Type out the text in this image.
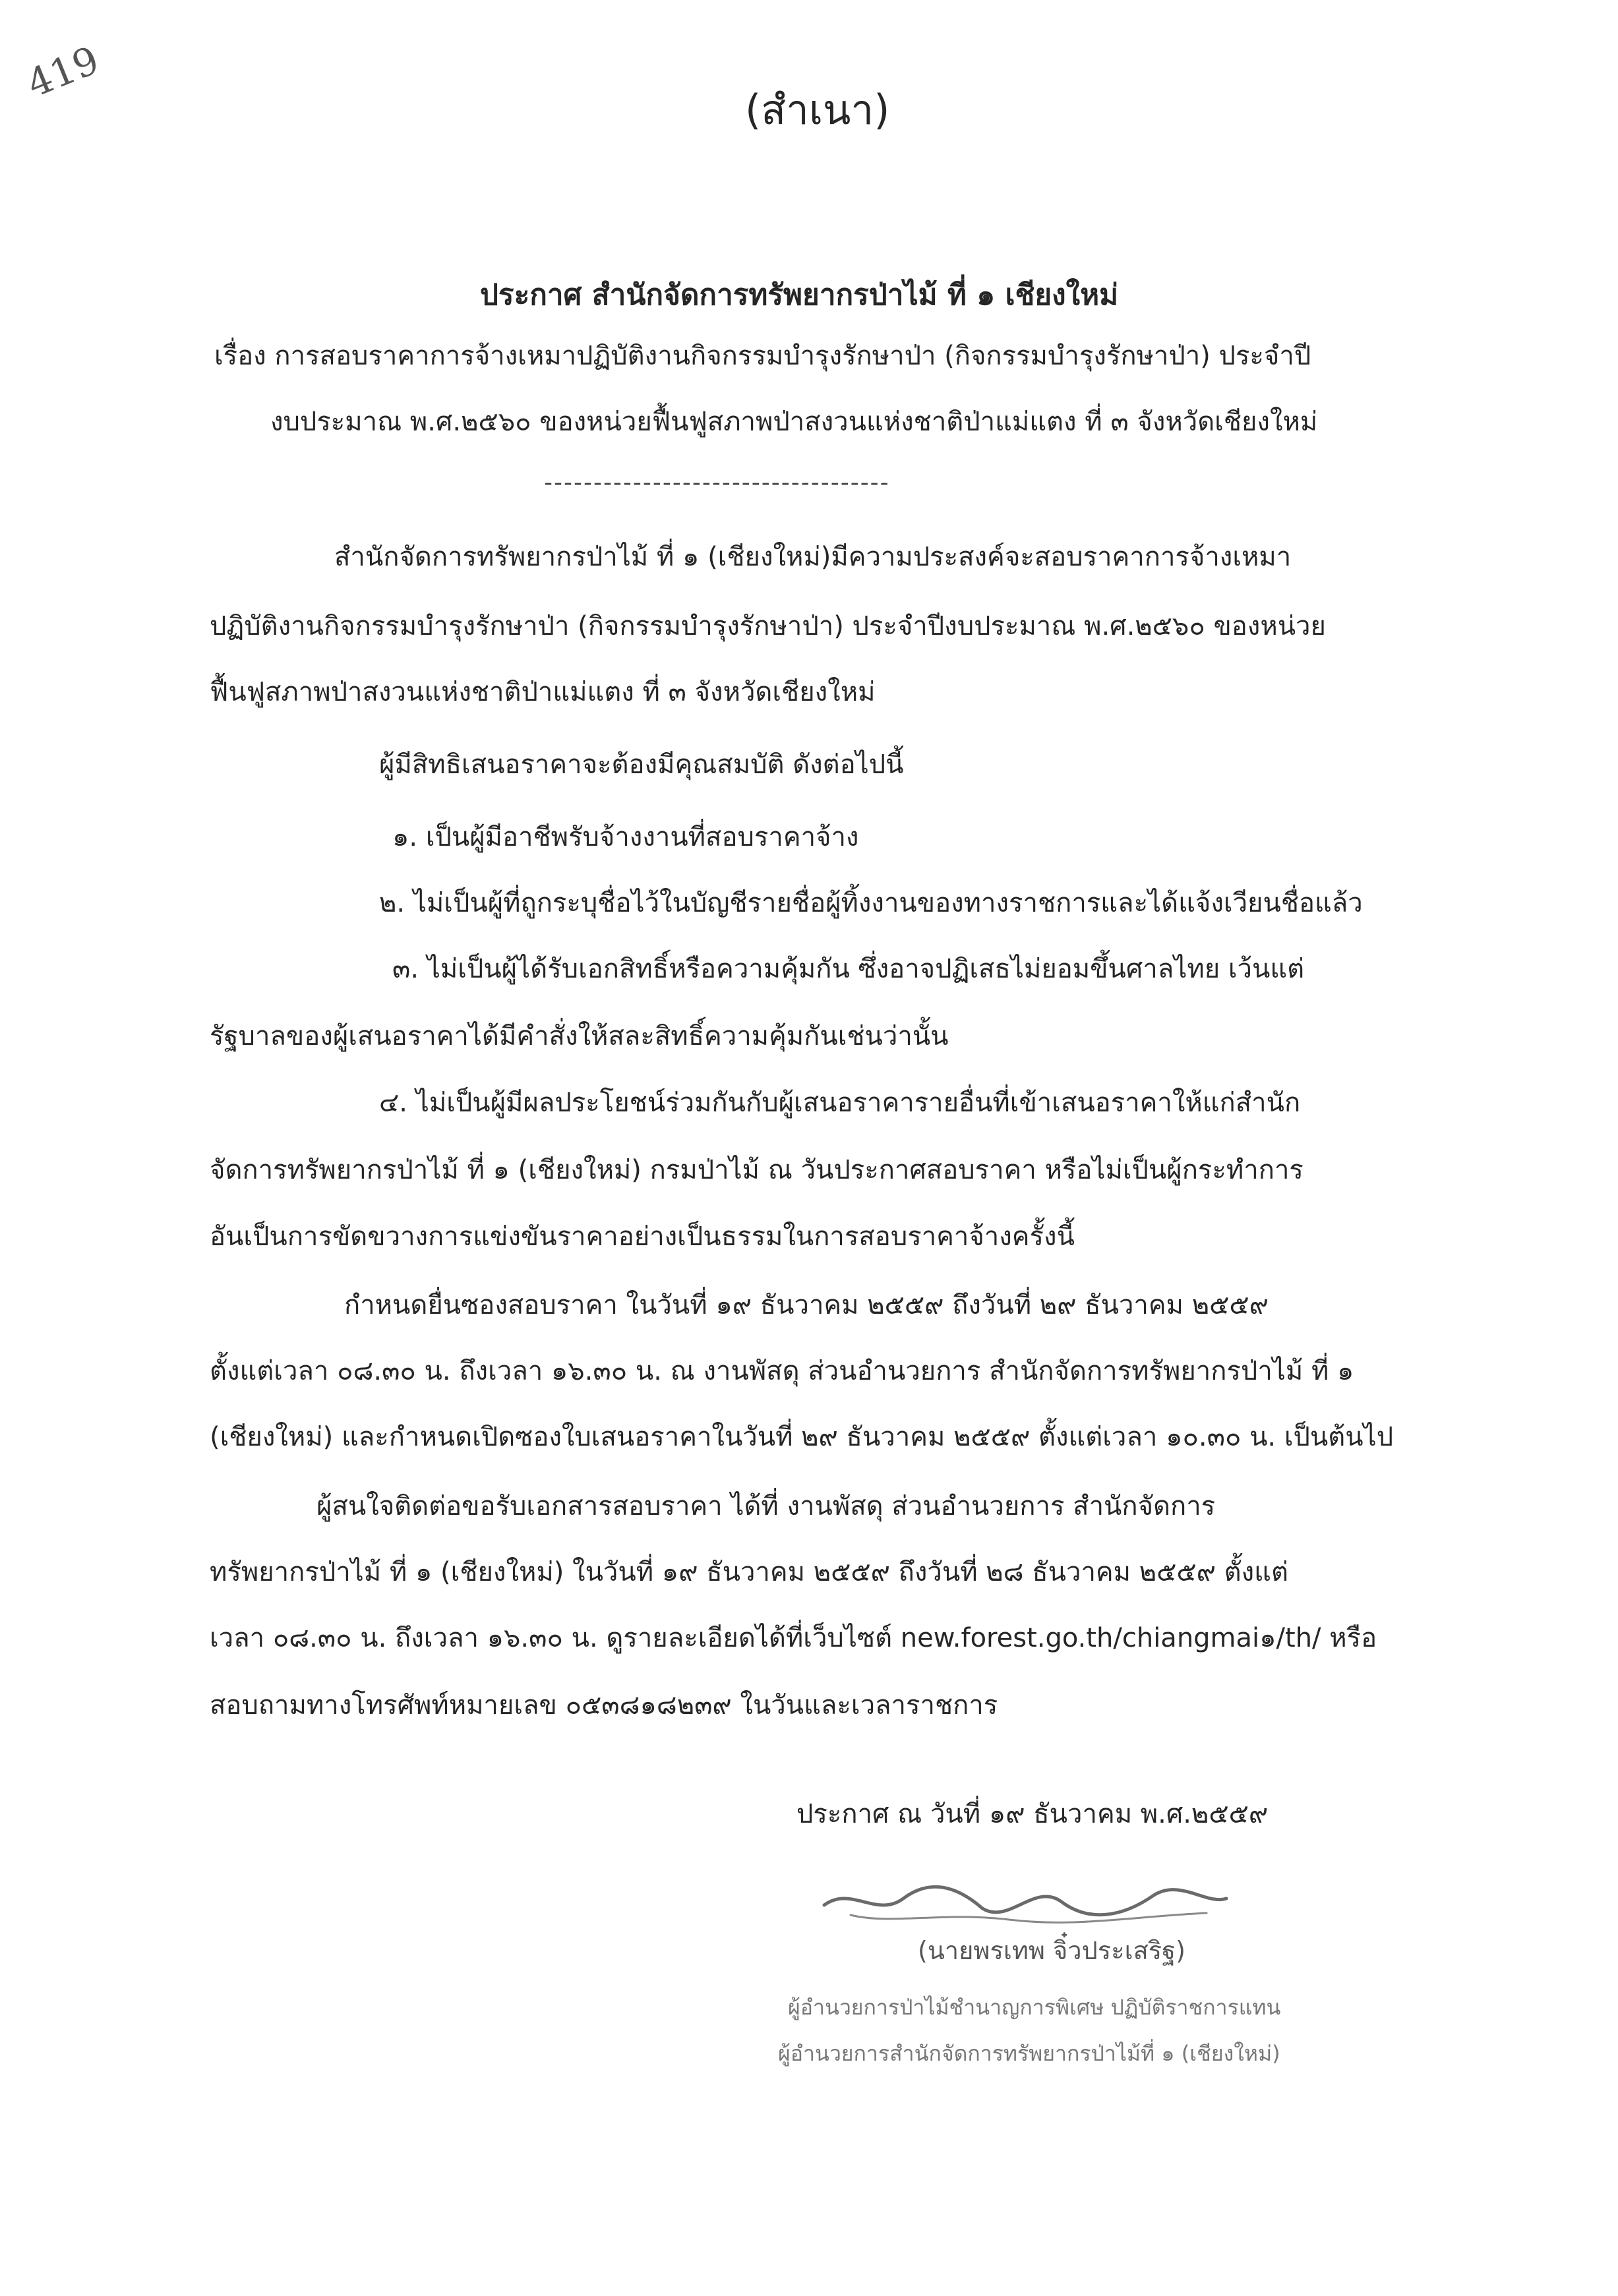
419
(สำเนา)
ประกาศ สำนักจัดการทรัพยากรป่าไม้ ที่ ๑ เชียงใหม่
เรื่อง การสอบราคาการจ้างเหมาปฏิบัติงานกิจกรรมบำรุงรักษาป่า (กิจกรรมบำรุงรักษาป่า) ประจำปี
งบประมาณ พ.ศ.๒๕๖๐ ของหน่วยฟื้นฟูสภาพป่าสงวนแห่งชาติป่าแม่แตง ที่ ๓ จังหวัดเชียงใหม่
-----------------------------------
สำนักจัดการทรัพยากรป่าไม้ ที่ ๑ (เชียงใหม่)มีความประสงค์จะสอบราคาการจ้างเหมา
ปฏิบัติงานกิจกรรมบำรุงรักษาป่า (กิจกรรมบำรุงรักษาป่า) ประจำปีงบประมาณ พ.ศ.๒๕๖๐ ของหน่วย
ฟื้นฟูสภาพป่าสงวนแห่งชาติป่าแม่แตง ที่ ๓ จังหวัดเชียงใหม่
ผู้มีสิทธิเสนอราคาจะต้องมีคุณสมบัติ ดังต่อไปนี้
๑. เป็นผู้มีอาชีพรับจ้างงานที่สอบราคาจ้าง
๒. ไม่เป็นผู้ที่ถูกระบุชื่อไว้ในบัญชีรายชื่อผู้ทิ้งงานของทางราชการและได้แจ้งเวียนชื่อแล้ว
๓. ไม่เป็นผู้ได้รับเอกสิทธิ์หรือความคุ้มกัน ซึ่งอาจปฏิเสธไม่ยอมขึ้นศาลไทย เว้นแต่
รัฐบาลของผู้เสนอราคาได้มีคำสั่งให้สละสิทธิ์ความคุ้มกันเช่นว่านั้น
๔. ไม่เป็นผู้มีผลประโยชน์ร่วมกันกับผู้เสนอราคารายอื่นที่เข้าเสนอราคาให้แก่สำนัก
จัดการทรัพยากรป่าไม้ ที่ ๑ (เชียงใหม่) กรมป่าไม้ ณ วันประกาศสอบราคา หรือไม่เป็นผู้กระทำการ
อันเป็นการขัดขวางการแข่งขันราคาอย่างเป็นธรรมในการสอบราคาจ้างครั้งนี้
กำหนดยื่นซองสอบราคา ในวันที่ ๑๙ ธันวาคม ๒๕๕๙ ถึงวันที่ ๒๙ ธันวาคม ๒๕๕๙
ตั้งแต่เวลา ๐๘.๓๐ น. ถึงเวลา ๑๖.๓๐ น. ณ งานพัสดุ ส่วนอำนวยการ สำนักจัดการทรัพยากรป่าไม้ ที่ ๑
(เชียงใหม่) และกำหนดเปิดซองใบเสนอราคาในวันที่ ๒๙ ธันวาคม ๒๕๕๙ ตั้งแต่เวลา ๑๐.๓๐ น. เป็นต้นไป
ผู้สนใจติดต่อขอรับเอกสารสอบราคา ได้ที่ งานพัสดุ ส่วนอำนวยการ สำนักจัดการ
ทรัพยากรป่าไม้ ที่ ๑ (เชียงใหม่) ในวันที่ ๑๙ ธันวาคม ๒๕๕๙ ถึงวันที่ ๒๘ ธันวาคม ๒๕๕๙ ตั้งแต่
เวลา ๐๘.๓๐ น. ถึงเวลา ๑๖.๓๐ น. ดูรายละเอียดได้ที่เว็บไซต์ new.forest.go.th/chiangmai๑/th/ หรือ
สอบถามทางโทรศัพท์หมายเลข ๐๕๓๘๑๘๒๓๙ ในวันและเวลาราชการ
ประกาศ ณ วันที่ ๑๙ ธันวาคม พ.ศ.๒๕๕๙
(นายพรเทพ จิ๋วประเสริฐ)
ผู้อำนวยการป่าไม้ชำนาญการพิเศษ ปฏิบัติราชการแทน
ผู้อำนวยการสำนักจัดการทรัพยากรป่าไม้ที่ ๑ (เชียงใหม่)
